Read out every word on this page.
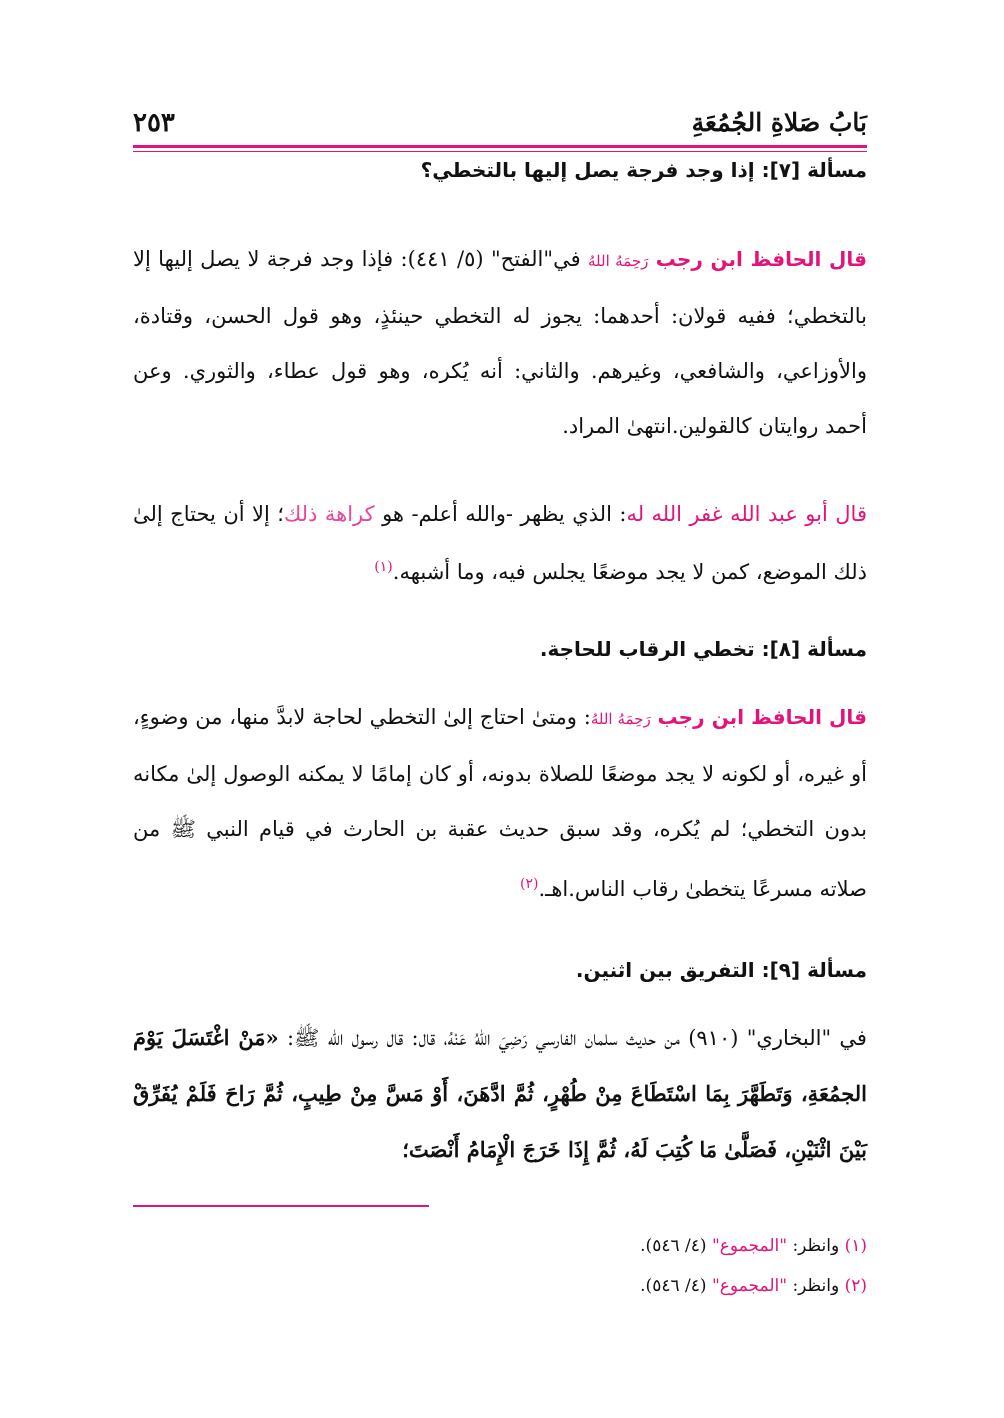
بَابُ صَلاةِ الجُمُعَةِ
٢٥٣
مسألة [٧]: إذا وجد فرجة يصل إليها بالتخطي؟
قال الحافظ ابن رجب رَحِمَهُ اللهُ في"الفتح" (٥/ ٤٤١): فإذا وجد فرجة لا يصل إليها إلا بالتخطي؛ ففيه قولان: أحدهما: يجوز له التخطي حينئذٍ، وهو قول الحسن، وقتادة، والأوزاعي، والشافعي، وغيرهم. والثاني: أنه يُكره، وهو قول عطاء، والثوري. وعن أحمد روايتان كالقولين.انتهىٰ المراد.
قال أبو عبد الله غفر الله له: الذي يظهر -والله أعلم- هو كراهة ذلك؛ إلا أن يحتاج إلىٰ ذلك الموضع، كمن لا يجد موضعًا يجلس فيه، وما أشبهه.$^{(١)}$
مسألة [٨]: تخطي الرقاب للحاجة.
قال الحافظ ابن رجب رَحِمَهُ اللهُ: ومتىٰ احتاج إلىٰ التخطي لحاجة لابدَّ منها، من وضوءٍ، أو غيره، أو لكونه لا يجد موضعًا للصلاة بدونه، أو كان إمامًا لا يمكنه الوصول إلىٰ مكانه بدون التخطي؛ لم يُكره، وقد سبق حديث عقبة بن الحارث في قيام النبي ﷺ من صلاته مسرعًا يتخطىٰ رقاب الناس.اهـ.$^{(٢)}$
مسألة [٩]: التفريق بين اثنين.
في "البخاري" (٩١٠) من حديث سلمان الفارسي رَضِيَ اللهُ عَنْهُ، قال: قال رسول الله ﷺ: «مَنْ اغْتَسَلَ يَوْمَ الجمُعَةِ، وَتَطَهَّرَ بِمَا اسْتَطَاعَ مِنْ طُهْرٍ، ثُمَّ ادَّهَنَ، أَوْ مَسَّ مِنْ طِيبٍ، ثُمَّ رَاحَ فَلَمْ يُفَرِّقْ بَيْنَ اثْنَيْنِ، فَصَلَّىٰ مَا كُتِبَ لَهُ، ثُمَّ إِذَا خَرَجَ الْإِمَامُ أَنْصَتَ؛
(١) وانظر: "المجموع" (٤/ ٥٤٦).
(٢) وانظر: "المجموع" (٤/ ٥٤٦).
